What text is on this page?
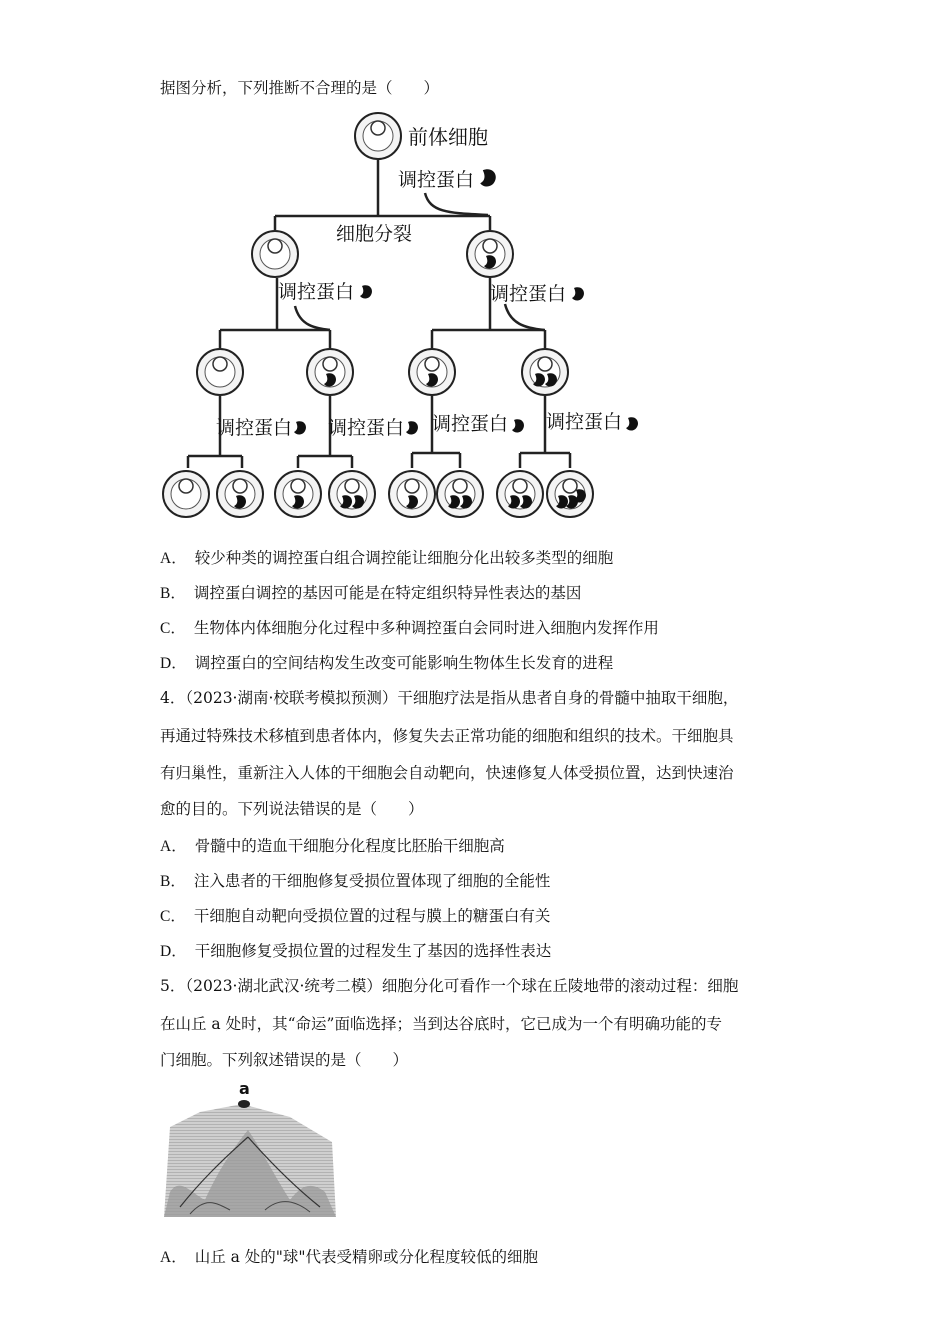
据图分析，下列推断不合理的是（　　）
前体细胞
调控蛋白
细胞分裂
调控蛋白	调控蛋白
调控蛋白 调控蛋白 调控蛋白 调控蛋白
A． 较少种类的调控蛋白组合调控能让细胞分化出较多类型的细胞
B． 调控蛋白调控的基因可能是在特定组织特异性表达的基因
C． 生物体内体细胞分化过程中多种调控蛋白会同时进入细胞内发挥作用
D． 调控蛋白的空间结构发生改变可能影响生物体生长发育的进程
4．（2023·湖南·校联考模拟预测）干细胞疗法是指从患者自身的骨髓中抽取干细胞，
再通过特殊技术移植到患者体内，修复失去正常功能的细胞和组织的技术。干细胞具
有归巢性，重新注入人体的干细胞会自动靶向，快速修复人体受损位置，达到快速治
愈的目的。下列说法错误的是（　　）
A． 骨髓中的造血干细胞分化程度比胚胎干细胞高
B． 注入患者的干细胞修复受损位置体现了细胞的全能性
C． 干细胞自动靶向受损位置的过程与膜上的糖蛋白有关
D． 干细胞修复受损位置的过程发生了基因的选择性表达
5．（2023·湖北武汉·统考二模）细胞分化可看作一个球在丘陵地带的滚动过程：细胞
在山丘 a 处时，其“命运”面临选择；当到达谷底时，它已成为一个有明确功能的专
门细胞。下列叙述错误的是（　　）
a
A． 山丘 a 处的"球"代表受精卵或分化程度较低的细胞
